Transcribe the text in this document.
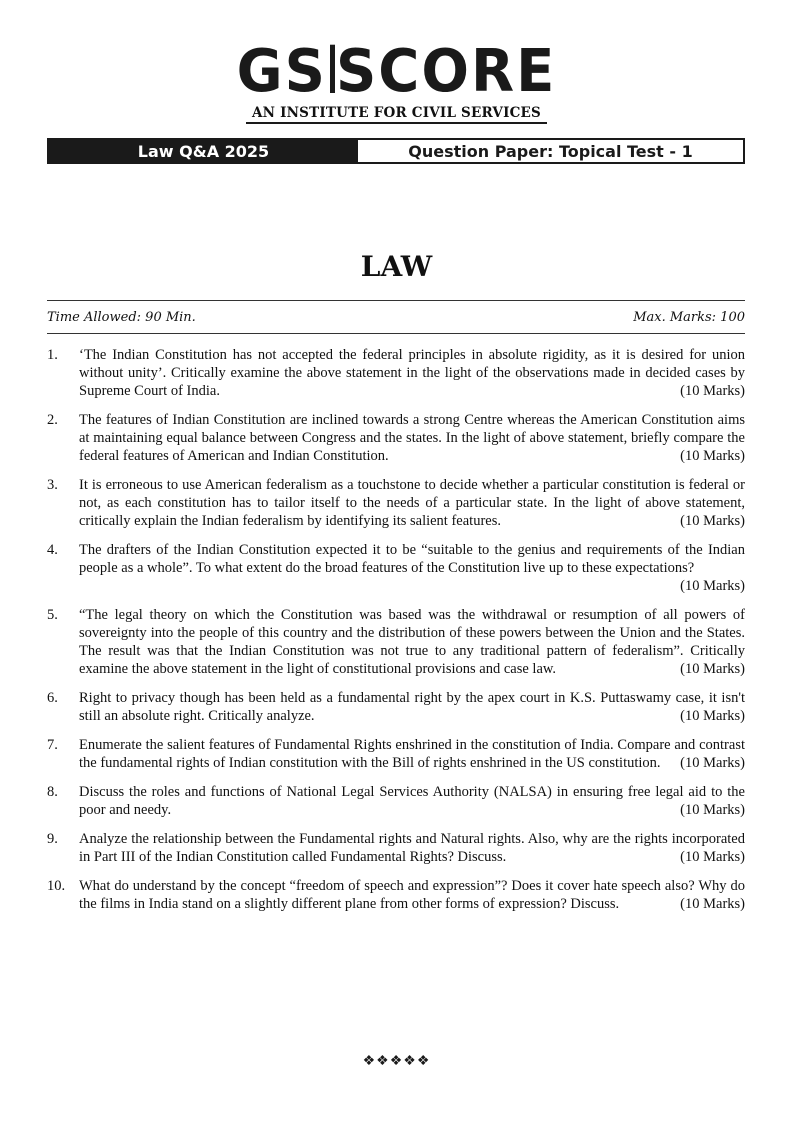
GS SCORE
AN INSTITUTE FOR CIVIL SERVICES
Law Q&A 2025	Question Paper: Topical Test - 1
LAW
Time Allowed: 90 Min.	Max. Marks: 100
1.	‘The Indian Constitution has not accepted the federal principles in absolute rigidity, as it is desired for union without unity’. Critically examine the above statement in the light of the observations made in decided cases by Supreme Court of India.	(10 Marks)
2.	The features of Indian Constitution are inclined towards a strong Centre whereas the American Constitution aims at maintaining equal balance between Congress and the states. In the light of above statement, briefly compare the federal features of American and Indian Constitution.	(10 Marks)
3.	It is erroneous to use American federalism as a touchstone to decide whether a particular constitution is federal or not, as each constitution has to tailor itself to the needs of a particular state. In the light of above statement, critically explain the Indian federalism by identifying its salient features.	(10 Marks)
4.	The drafters of the Indian Constitution expected it to be “suitable to the genius and requirements of the Indian people as a whole”. To what extent do the broad features of the Constitution live up to these expectations?
(10 Marks)
5.	“The legal theory on which the Constitution was based was the withdrawal or resumption of all powers of sovereignty into the people of this country and the distribution of these powers between the Union and the States. The result was that the Indian Constitution was not true to any traditional pattern of federalism”. Critically examine the above statement in the light of constitutional provisions and case law.	(10 Marks)
6.	Right to privacy though has been held as a fundamental right by the apex court in K.S. Puttaswamy case, it isn't still an absolute right. Critically analyze.	(10 Marks)
7.	Enumerate the salient features of Fundamental Rights enshrined in the constitution of India. Compare and contrast the fundamental rights of Indian constitution with the Bill of rights enshrined in the US constitution. (10 Marks)
8.	Discuss the roles and functions of National Legal Services Authority (NALSA) in ensuring free legal aid to the poor and needy.	(10 Marks)
9.	Analyze the relationship between the Fundamental rights and Natural rights. Also, why are the rights incorporated in Part III of the Indian Constitution called Fundamental Rights? Discuss.	(10 Marks)
10. What do understand by the concept “freedom of speech and expression”? Does it cover hate speech also? Why do the films in India stand on a slightly different plane from other forms of expression? Discuss.	(10 Marks)
❖❖❖❖❖
